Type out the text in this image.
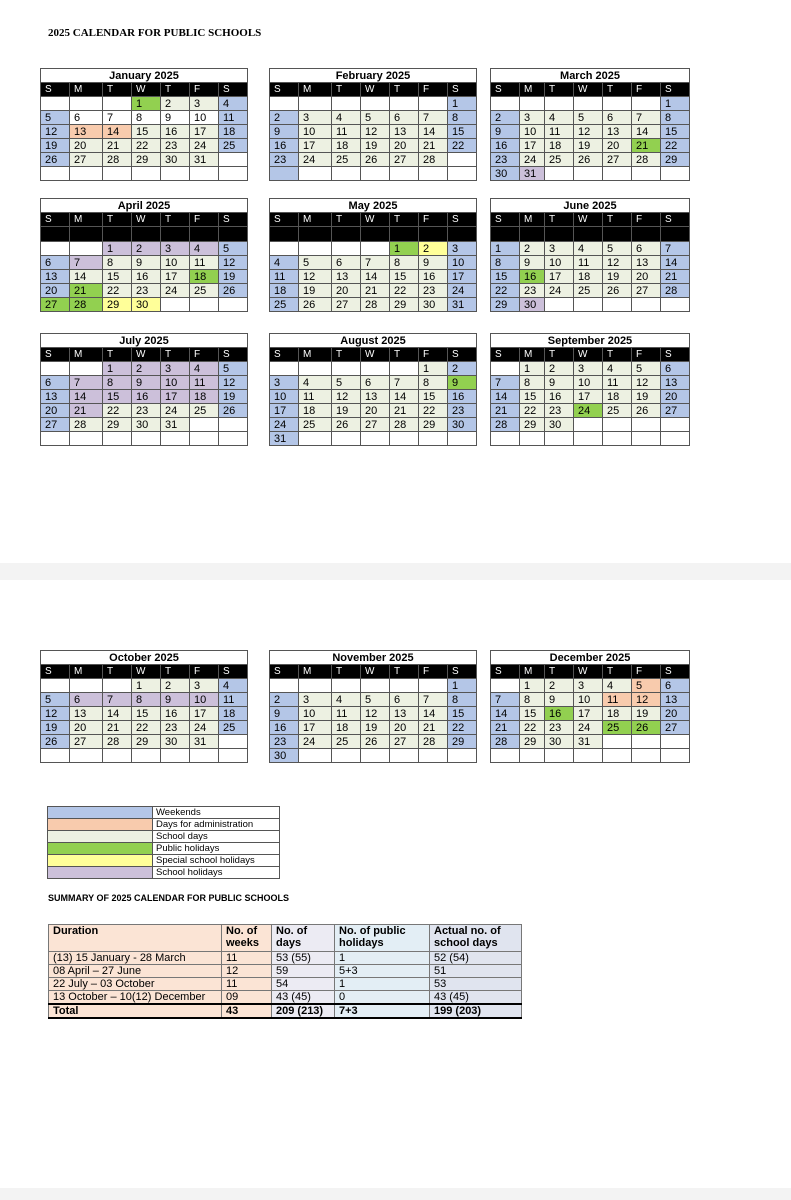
2025 CALENDAR FOR PUBLIC SCHOOLS
January 2025						
S	M	T	W	T	F	S
			1	2	3	4
5	6	7	8	9	10	11
12	13	14	15	16	17	18
19	20	21	22	23	24	25
26	27	28	29	30	31	

February 2025						
S	M	T	W	T	F	S
						1
2	3	4	5	6	7	8
9	10	11	12	13	14	15
16	17	18	19	20	21	22
23	24	25	26	27	28	

March 2025						
S	M	T	W	T	F	S
						1
2	3	4	5	6	7	8
9	10	11	12	13	14	15
16	17	18	19	20	21	22
23	24	25	26	27	28	29
30	31					
April 2025						
S	M	T	W	T	F	S

		1	2	3	4	5
6	7	8	9	10	11	12
13	14	15	16	17	18	19
20	21	22	23	24	25	26
27	28	29	30			
May 2025						
S	M	T	W	T	F	S

				1	2	3
4	5	6	7	8	9	10
11	12	13	14	15	16	17
18	19	20	21	22	23	24
25	26	27	28	29	30	31
June 2025						
S	M	T	W	T	F	S

1	2	3	4	5	6	7
8	9	10	11	12	13	14
15	16	17	18	19	20	21
22	23	24	25	26	27	28
29	30					
July 2025						
S	M	T	W	T	F	S
		1	2	3	4	5
6	7	8	9	10	11	12
13	14	15	16	17	18	19
20	21	22	23	24	25	26
27	28	29	30	31		

August 2025						
S	M	T	W	T	F	S
					1	2
3	4	5	6	7	8	9
10	11	12	13	14	15	16
17	18	19	20	21	22	23
24	25	26	27	28	29	30
31						
September 2025						
S	M	T	W	T	F	S
	1	2	3	4	5	6
7	8	9	10	11	12	13
14	15	16	17	18	19	20
21	22	23	24	25	26	27
28	29	30				

October 2025						
S	M	T	W	T	F	S
			1	2	3	4
5	6	7	8	9	10	11
12	13	14	15	16	17	18
19	20	21	22	23	24	25
26	27	28	29	30	31	

November 2025						
S	M	T	W	T	F	S
						1
2	3	4	5	6	7	8
9	10	11	12	13	14	15
16	17	18	19	20	21	22
23	24	25	26	27	28	29
30						
December 2025						
S	M	T	W	T	F	S
	1	2	3	4	5	6
7	8	9	10	11	12	13
14	15	16	17	18	19	20
21	22	23	24	25	26	27
28	29	30	31			

	Weekends
	Days for administration
	School days
	Public holidays
	Special school holidays
	School holidays
SUMMARY OF 2025 CALENDAR FOR PUBLIC SCHOOLS
Duration	No. of weeks	No. of days	No. of public holidays	Actual no. of school days
(13) 15 January - 28 March	11	53 (55)	1	52 (54)
08 April – 27 June	12	59	5+3	51
22 July – 03 October	11	54	1	53
13 October – 10(12) December	09	43 (45)	0	43 (45)
Total	43	209 (213)	7+3	199 (203)
